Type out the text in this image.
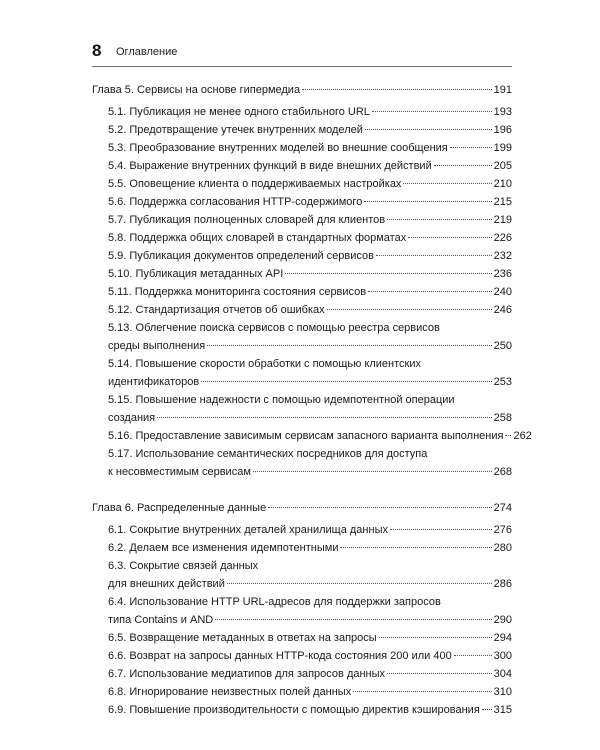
8 Оглавление
Глава 5. Сервисы на основе гипермедиа	191
5.1. Публикация не менее одного стабильного URL	193
5.2. Предотвращение утечек внутренних моделей	196
5.3. Преобразование внутренних моделей во внешние сообщения	199
5.4. Выражение внутренних функций в виде внешних действий	205
5.5. Оповещение клиента о поддерживаемых настройках	210
5.6. Поддержка согласования HTTP-содержимого	215
5.7. Публикация полноценных словарей для клиентов	219
5.8. Поддержка общих словарей в стандартных форматах	226
5.9. Публикация документов определений сервисов	232
5.10. Публикация метаданных API	236
5.11. Поддержка мониторинга состояния сервисов	240
5.12. Стандартизация отчетов об ошибках	246
5.13. Облегчение поиска сервисов с помощью реестра сервисов
среды выполнения	250
5.14. Повышение скорости обработки с помощью клиентских
идентификаторов	253
5.15. Повышение надежности с помощью идемпотентной операции
создания	258
5.16. Предоставление зависимым сервисам запасного варианта выполнения 262
5.17. Использование семантических посредников для доступа
к несовместимым сервисам	268
Глава 6. Распределенные данные	274
6.1. Сокрытие внутренних деталей хранилища данных	276
6.2. Делаем все изменения идемпотентными	280
6.3. Сокрытие связей данных
для внешних действий	286
6.4. Использование HTTP URL-адресов для поддержки запросов
типа Contains и AND	290
6.5. Возвращение метаданных в ответах на запросы	294
6.6. Возврат на запросы данных HTTP-кода состояния 200 или 400	300
6.7. Использование медиатипов для запросов данных	304
6.8. Игнорирование неизвестных полей данных	310
6.9. Повышение производительности с помощью директив кэширования 315
